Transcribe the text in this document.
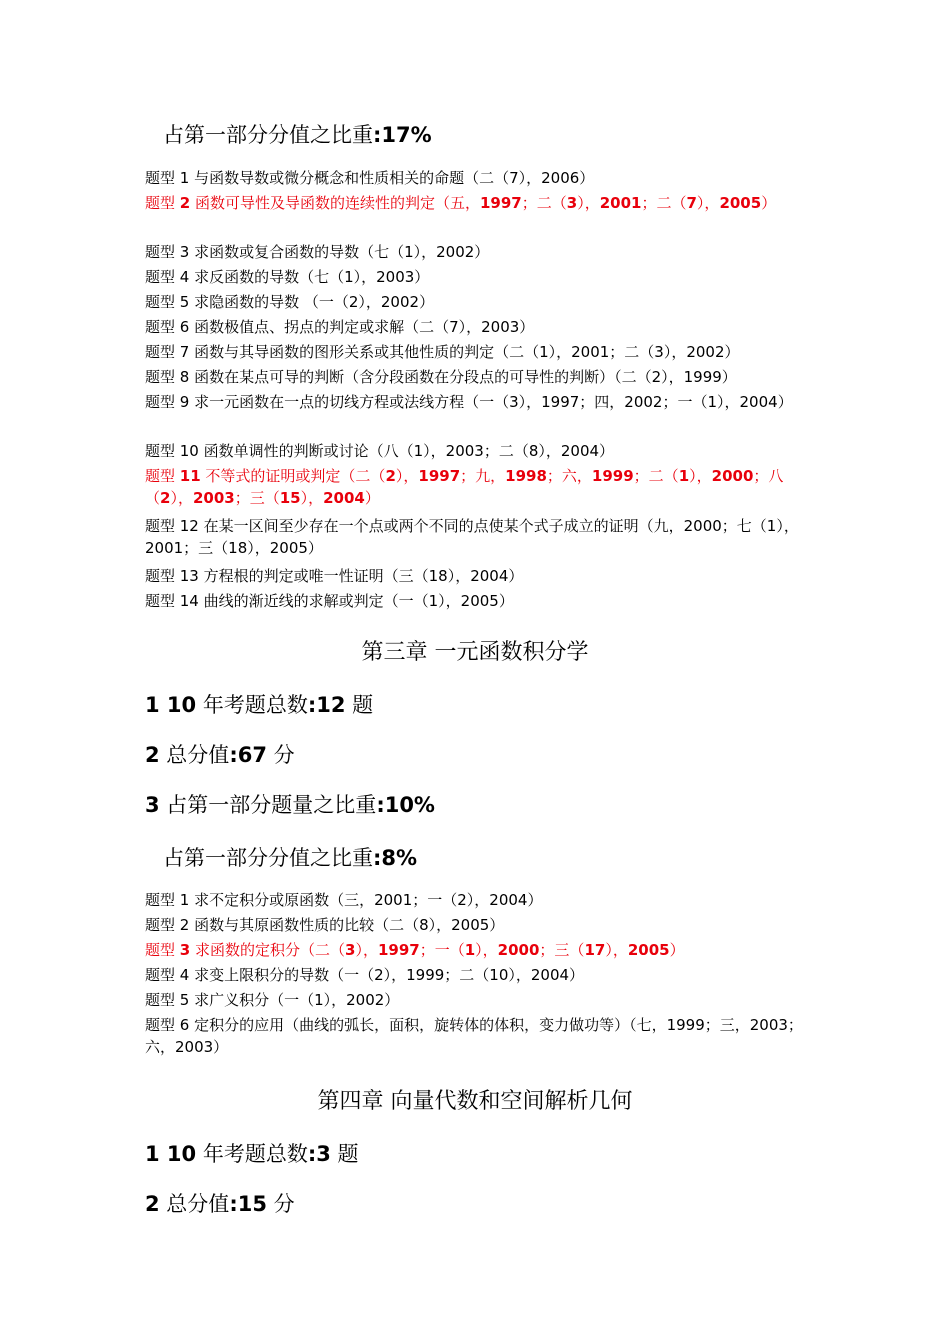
占第一部分分值之比重:17%
题型 1 与函数导数或微分概念和性质相关的命题（二（7），2006）
题型 2 函数可导性及导函数的连续性的判定（五，1997；二（3），2001；二（7），2005）
题型 3 求函数或复合函数的导数（七（1），2002）
题型 4 求反函数的导数（七（1），2003）
题型 5 求隐函数的导数 （一（2），2002）
题型 6 函数极值点、拐点的判定或求解（二（7），2003）
题型 7 函数与其导函数的图形关系或其他性质的判定（二（1），2001；二（3），2002）
题型 8 函数在某点可导的判断（含分段函数在分段点的可导性的判断）（二（2），1999）
题型 9 求一元函数在一点的切线方程或法线方程（一（3），1997；四，2002；一（1），2004）
题型 10 函数单调性的判断或讨论（八（1），2003；二（8），2004）
题型 11 不等式的证明或判定（二（2），1997；九，1998；六，1999；二（1），2000；八（2），2003；三（15），2004）
题型 12 在某一区间至少存在一个点或两个不同的点使某个式子成立的证明（九，2000；七（1），2001；三（18），2005）
题型 13 方程根的判定或唯一性证明（三（18），2004）
题型 14 曲线的渐近线的求解或判定（一（1），2005）
第三章 一元函数积分学
1 10 年考题总数:12 题
2 总分值:67 分
3 占第一部分题量之比重:10%
占第一部分分值之比重:8%
题型 1 求不定积分或原函数（三，2001；一（2），2004）
题型 2 函数与其原函数性质的比较（二（8），2005）
题型 3 求函数的定积分（二（3），1997；一（1），2000；三（17），2005）
题型 4 求变上限积分的导数（一（2），1999；二（10），2004）
题型 5 求广义积分（一（1），2002）
题型 6 定积分的应用（曲线的弧长，面积，旋转体的体积，变力做功等）（七，1999；三，2003；六，2003）
第四章 向量代数和空间解析几何
1 10 年考题总数:3 题
2 总分值:15 分
